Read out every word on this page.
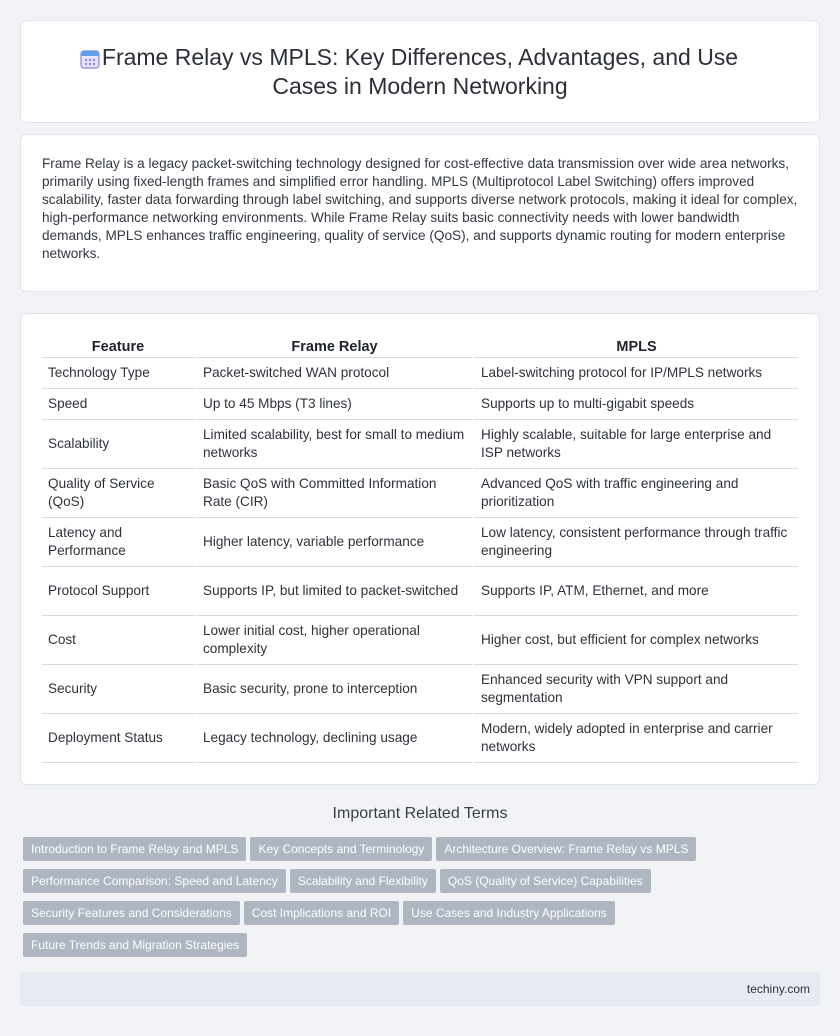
Frame Relay vs MPLS: Key Differences, Advantages, and Use Cases in Modern Networking

Frame Relay is a legacy packet-switching technology designed for cost-effective data transmission over wide area networks, primarily using fixed-length frames and simplified error handling. MPLS (Multiprotocol Label Switching) offers improved scalability, faster data forwarding through label switching, and supports diverse network protocols, making it ideal for complex, high-performance networking environments. While Frame Relay suits basic connectivity needs with lower bandwidth demands, MPLS enhances traffic engineering, quality of service (QoS), and supports dynamic routing for modern enterprise networks.

Feature	Frame Relay	MPLS
Technology Type	Packet-switched WAN protocol	Label-switching protocol for IP/MPLS networks
Speed	Up to 45 Mbps (T3 lines)	Supports up to multi-gigabit speeds
Scalability	Limited scalability, best for small to medium networks	Highly scalable, suitable for large enterprise and ISP networks
Quality of Service (QoS)	Basic QoS with Committed Information Rate (CIR)	Advanced QoS with traffic engineering and prioritization
Latency and Performance	Higher latency, variable performance	Low latency, consistent performance through traffic engineering
Protocol Support	Supports IP, but limited to packet-switched	Supports IP, ATM, Ethernet, and more
Cost	Lower initial cost, higher operational complexity	Higher cost, but efficient for complex networks
Security	Basic security, prone to interception	Enhanced security with VPN support and segmentation
Deployment Status	Legacy technology, declining usage	Modern, widely adopted in enterprise and carrier networks
Important Related Terms
Introduction to Frame Relay and MPLS Key Concepts and Terminology Architecture Overview: Frame Relay vs MPLS
Performance Comparison: Speed and Latency Scalability and Flexibility QoS (Quality of Service) Capabilities
Security Features and Considerations Cost Implications and ROI Use Cases and Industry Applications
Future Trends and Migration Strategies
techiny.com
